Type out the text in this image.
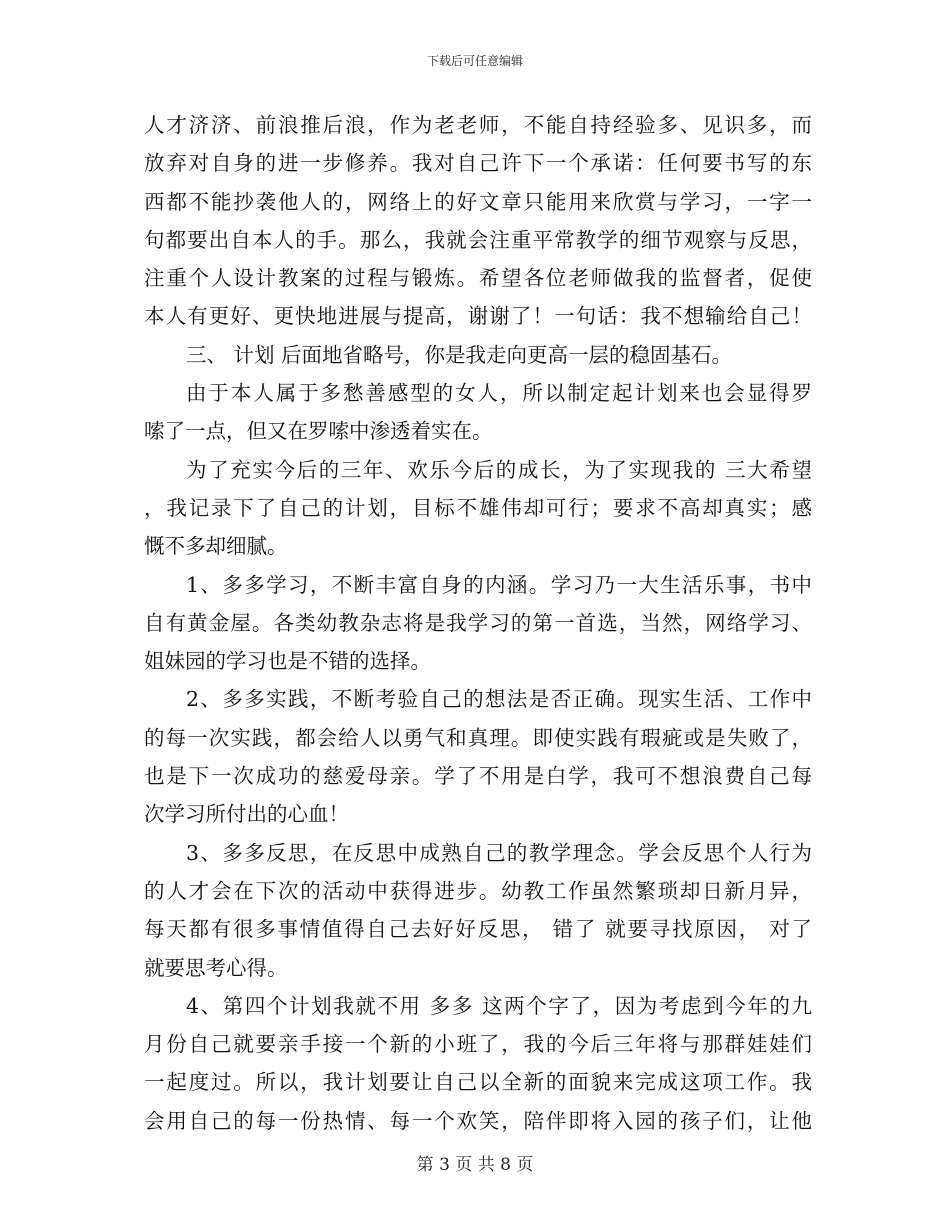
下载后可任意编辑
人才济济、前浪推后浪，作为老老师，不能自持经验多、见识多，而
放弃对自身的进一步修养。我对自己许下一个承诺：任何要书写的东
西都不能抄袭他人的，网络上的好文章只能用来欣赏与学习，一字一
句都要出自本人的手。那么，我就会注重平常教学的细节观察与反思，
注重个人设计教案的过程与锻炼。希望各位老师做我的监督者，促使
本人有更好、更快地进展与提高，谢谢了！一句话：我不想输给自己！
三、 计划 后面地省略号，你是我走向更高一层的稳固基石。
由于本人属于多愁善感型的女人，所以制定起计划来也会显得罗
嗦了一点，但又在罗嗦中渗透着实在。
为了充实今后的三年、欢乐今后的成长，为了实现我的 三大希望
，我记录下了自己的计划，目标不雄伟却可行；要求不高却真实；感
慨不多却细腻。
1、多多学习，不断丰富自身的内涵。学习乃一大生活乐事，书中
自有黄金屋。各类幼教杂志将是我学习的第一首选，当然，网络学习、
姐妹园的学习也是不错的选择。
2、多多实践，不断考验自己的想法是否正确。现实生活、工作中
的每一次实践，都会给人以勇气和真理。即使实践有瑕疵或是失败了，
也是下一次成功的慈爱母亲。学了不用是白学，我可不想浪费自己每
次学习所付出的心血！
3、多多反思，在反思中成熟自己的教学理念。学会反思个人行为
的人才会在下次的活动中获得进步。幼教工作虽然繁琐却日新月异，
每天都有很多事情值得自己去好好反思， 错了 就要寻找原因， 对了
就要思考心得。
4、第四个计划我就不用 多多 这两个字了，因为考虑到今年的九
月份自己就要亲手接一个新的小班了，我的今后三年将与那群娃娃们
一起度过。所以，我计划要让自己以全新的面貌来完成这项工作。我
会用自己的每一份热情、每一个欢笑，陪伴即将入园的孩子们，让他
第 3 页 共 8 页
